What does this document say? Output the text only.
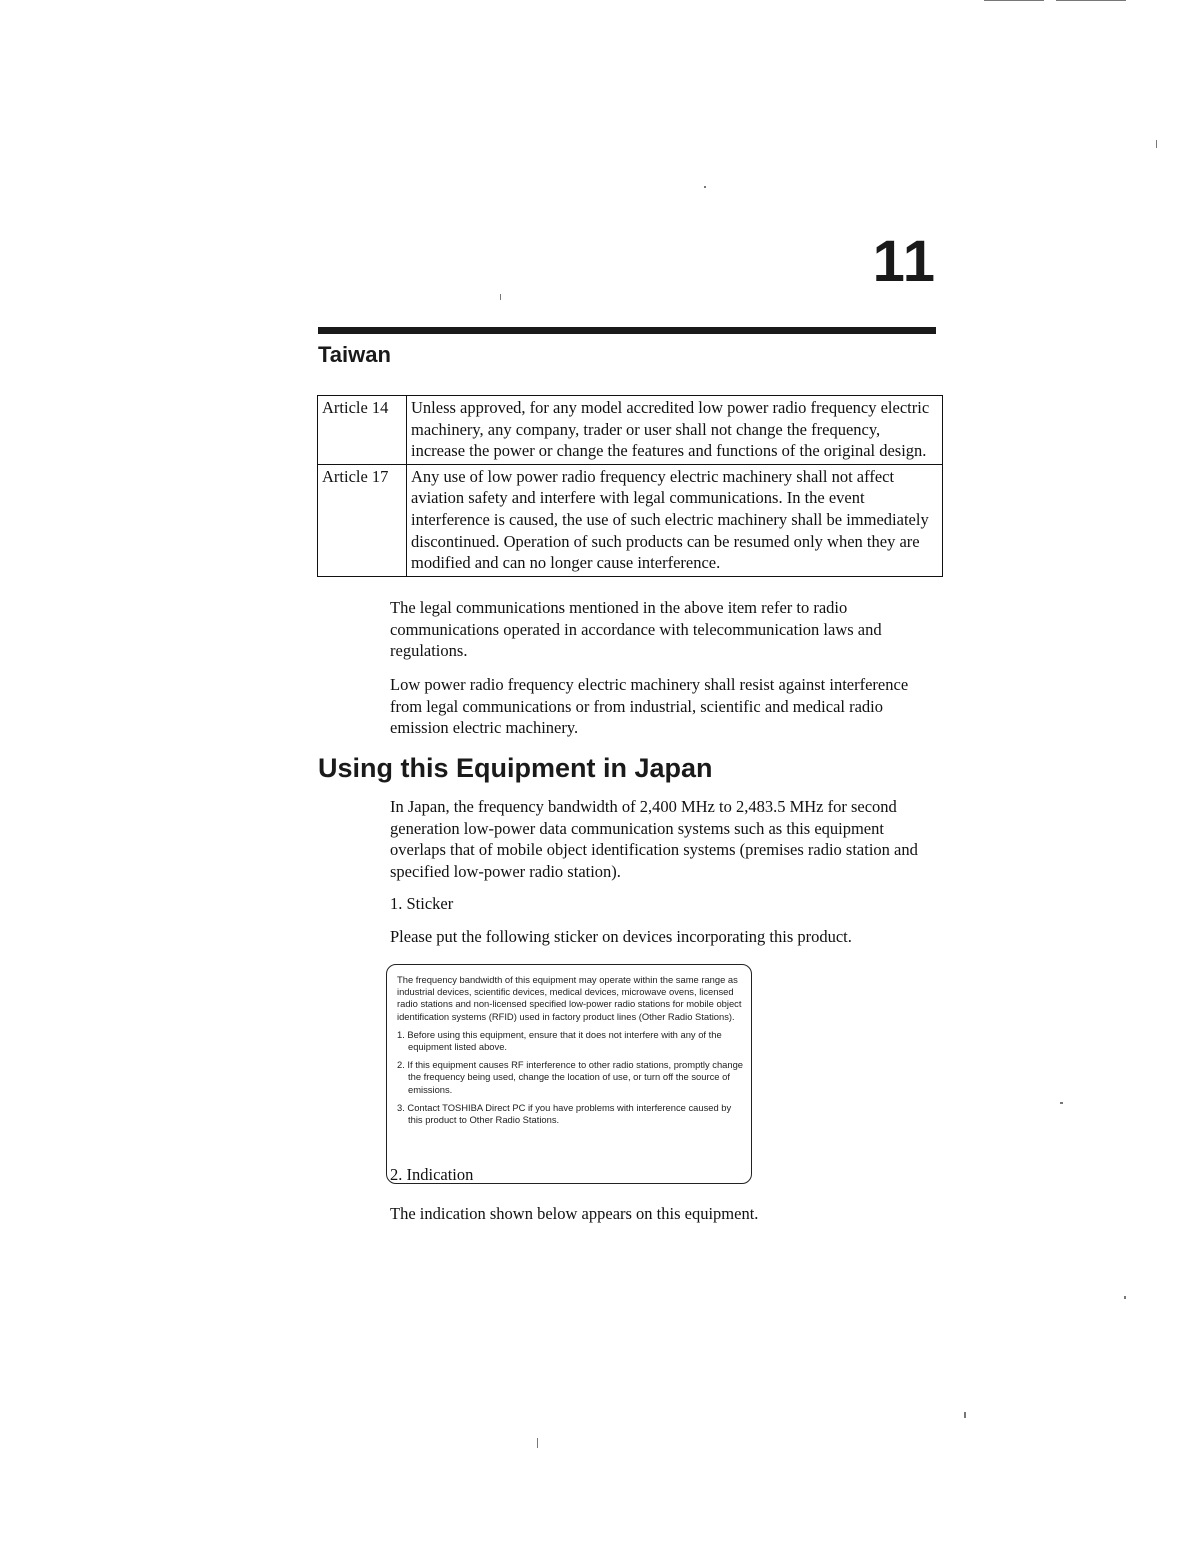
11
Taiwan
Article 14	Unless approved, for any model accredited low power radio frequency electric machinery, any company, trader or user shall not change the frequency, increase the power or change the features and functions of the original design.
Article 17	Any use of low power radio frequency electric machinery shall not affect aviation safety and interfere with legal communications. In the event interference is caused, the use of such electric machinery shall be immediately discontinued. Operation of such products can be resumed only when they are modified and can no longer cause interference.

The legal communications mentioned in the above item refer to radio communications operated in accordance with telecommunication laws and regulations.

Low power radio frequency electric machinery shall resist against interference from legal communications or from industrial, scientific and medical radio emission electric machinery.

Using this Equipment in Japan

In Japan, the frequency bandwidth of 2,400 MHz to 2,483.5 MHz for second generation low-power data communication systems such as this equipment overlaps that of mobile object identification systems (premises radio station and specified low-power radio station).

1. Sticker

Please put the following sticker on devices incorporating this product.

2. Indication

The frequency bandwidth of this equipment may operate within the same range as industrial devices, scientific devices, medical devices, microwave ovens, licensed radio stations and non-licensed specified low-power radio stations for mobile object identification systems (RFID) used in factory product lines (Other Radio Stations).

1. Before using this equipment, ensure that it does not interfere with any of the equipment listed above.
2. If this equipment causes RF interference to other radio stations, promptly change the frequency being used, change the location of use, or turn off the source of emissions.
3. Contact TOSHIBA Direct PC if you have problems with interference caused by this product to Other Radio Stations.

The indication shown below appears on this equipment.
